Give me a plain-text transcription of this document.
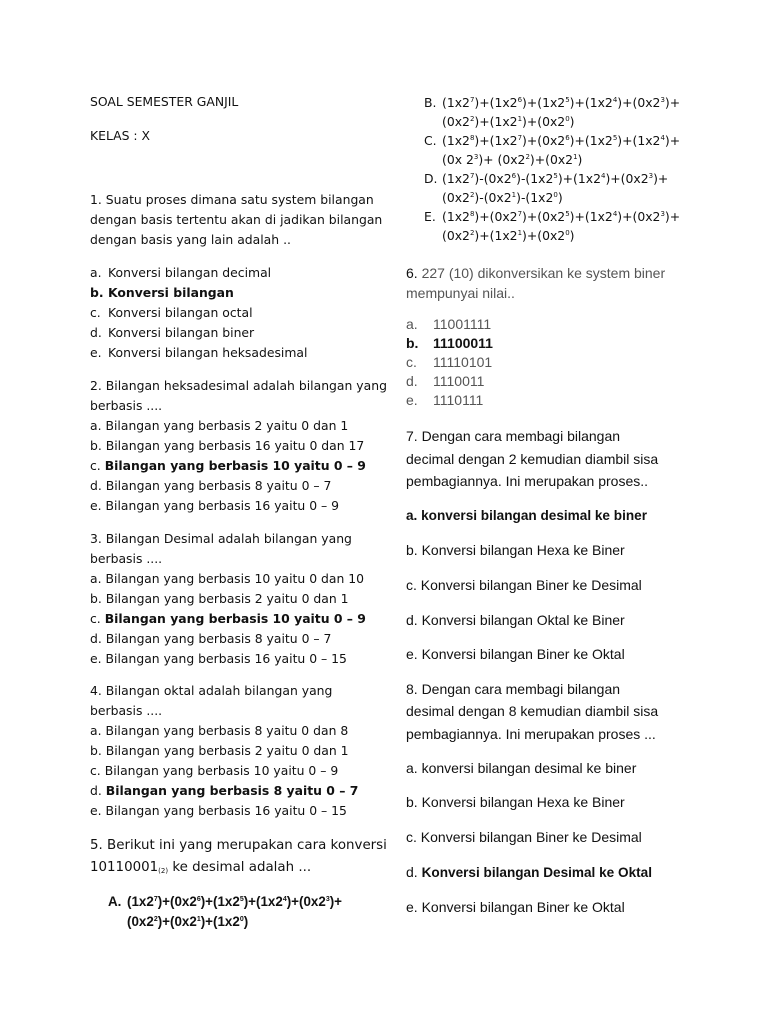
SOAL SEMESTER GANJIL
KELAS : X
1. Suatu proses dimana satu system bilangan
dengan basis tertentu akan di jadikan bilangan
dengan basis yang lain adalah ..
a. Konversi bilangan decimal
b. Konversi bilangan
c. Konversi bilangan octal
d. Konversi bilangan biner
e. Konversi bilangan heksadesimal
2. Bilangan heksadesimal adalah bilangan yang
berbasis ....
a. Bilangan yang berbasis 2 yaitu 0 dan 1
b. Bilangan yang berbasis 16 yaitu 0 dan 17
c. Bilangan yang berbasis 10 yaitu 0 – 9
d. Bilangan yang berbasis 8 yaitu 0 – 7
e. Bilangan yang berbasis 16 yaitu 0 – 9
3. Bilangan Desimal adalah bilangan yang
berbasis ....
a. Bilangan yang berbasis 10 yaitu 0 dan 10
b. Bilangan yang berbasis 2 yaitu 0 dan 1
c. Bilangan yang berbasis 10 yaitu 0 – 9
d. Bilangan yang berbasis 8 yaitu 0 – 7
e. Bilangan yang berbasis 16 yaitu 0 – 15
4. Bilangan oktal adalah bilangan yang
berbasis ....
a. Bilangan yang berbasis 8 yaitu 0 dan 8
b. Bilangan yang berbasis 2 yaitu 0 dan 1
c. Bilangan yang berbasis 10 yaitu 0 – 9
d. Bilangan yang berbasis 8 yaitu 0 – 7
e. Bilangan yang berbasis 16 yaitu 0 – 15
5. Berikut ini yang merupakan cara konversi
$10110001_{(2)}$ ke desimal adalah ...
A. $(1x2^7)+(0x2^6)+(1x2^5)+(1x2^4)+(0x2^3)+ (0x2^2)+(0x2^1)+(1x2^0)$
B. $(1x2^7)+(1x2^6)+(1x2^5)+(1x2^4)+(0x2^3)+ (0x2^2)+(1x2^1)+(0x2^0)$
C. $(1x2^8)+(1x2^7)+(0x2^6)+(1x2^5)+(1x2^4)+(0x$ $2^3)+ (0x2^2)+(0x2^1)$
D. $(1x2^7)-(0x2^6)-(1x2^5)+(1x2^4)+(0x2^3)+ (0x2^2)-(0x2^1)-(1x2^0)$
E. $(1x2^8)+(0x2^7)+(0x2^5)+(1x2^4)+(0x2^3)+ (0x2^2)+(1x2^1)+(0x2^0)$
6. 227 (10) dikonversikan ke system biner
mempunyai nilai..
a. 11001111
b. 11100011
c. 11110101
d. 1110011
e. 1110111
7. Dengan cara membagi bilangan
decimal dengan 2 kemudian diambil sisa
pembagiannya. Ini merupakan proses..
a. konversi bilangan desimal ke biner
b. Konversi bilangan Hexa ke Biner
c. Konversi bilangan Biner ke Desimal
d. Konversi bilangan Oktal ke Biner
e. Konversi bilangan Biner ke Oktal
8. Dengan cara membagi bilangan
desimal dengan 8 kemudian diambil sisa
pembagiannya. Ini merupakan proses ...
a. konversi bilangan desimal ke biner
b. Konversi bilangan Hexa ke Biner
c. Konversi bilangan Biner ke Desimal
d. Konversi bilangan Desimal ke Oktal
e. Konversi bilangan Biner ke Oktal
